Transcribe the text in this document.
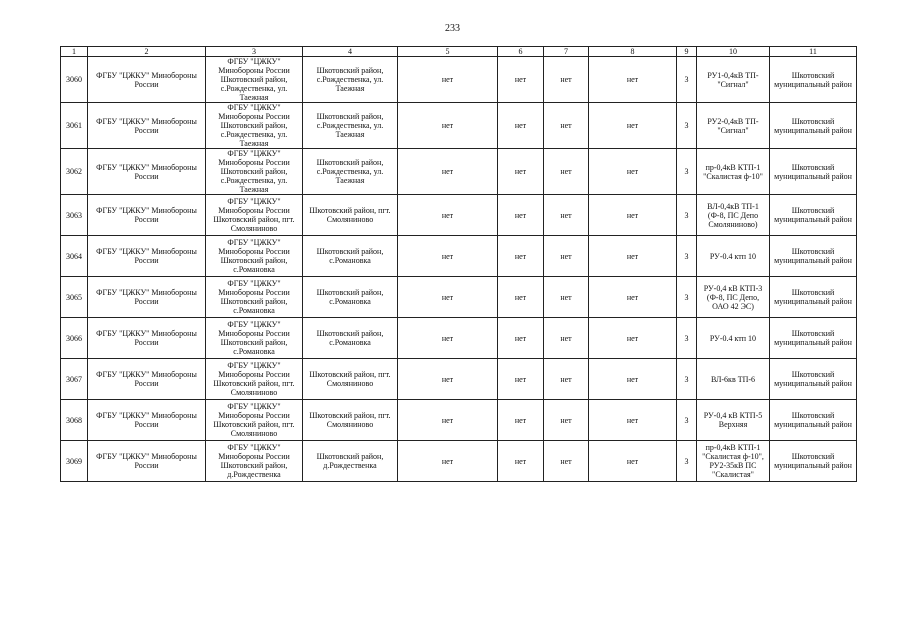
233
1	2	3	4	5	6	7	8	9	10	11

3060	ФГБУ "ЦЖКУ" Минобороны России	ФГБУ "ЦЖКУ" Минобороны России Шкотовский район, с.Рождественка, ул. Таежная	Шкотовский район, с.Рождественка, ул. Таежная	нет	нет	нет	нет	3	РУ1-0,4кВ ТП-"Сигнал"	Шкотовский муниципальный район

3061	ФГБУ "ЦЖКУ" Минобороны России	ФГБУ "ЦЖКУ" Минобороны России Шкотовский район, с.Рождественка, ул. Таежная	Шкотовский район, с.Рождественка, ул. Таежная	нет	нет	нет	нет	3	РУ2-0,4кВ ТП-"Сигнал"	Шкотовский муниципальный район

3062	ФГБУ "ЦЖКУ" Минобороны России	ФГБУ "ЦЖКУ" Минобороны России Шкотовский район, с.Рождественка, ул. Таежная	Шкотовский район, с.Рождественка, ул. Таежная	нет	нет	нет	нет	3	пр-0,4кВ КТП-1 "Скалистая ф-10"	Шкотовский муниципальный район

3063	ФГБУ "ЦЖКУ" Минобороны России	ФГБУ "ЦЖКУ" Минобороны России Шкотовский район, пгт. Смоляниново	Шкотовский район, пгт. Смоляниново	нет	нет	нет	нет	3	ВЛ-0,4кВ ТП-1 (Ф-8, ПС Депо Смоляниново)	Шкотовский муниципальный район

3064	ФГБУ "ЦЖКУ" Минобороны России	ФГБУ "ЦЖКУ" Минобороны России Шкотовский район, с.Романовка	Шкотовский район, с.Романовка	нет	нет	нет	нет	3	РУ-0.4 ктп 10	Шкотовский муниципальный район

3065	ФГБУ "ЦЖКУ" Минобороны России	ФГБУ "ЦЖКУ" Минобороны России Шкотовский район, с.Романовка	Шкотовский район, с.Романовка	нет	нет	нет	нет	3	РУ-0,4 кВ КТП-3 (Ф-8, ПС Депо, ОАО 42 ЭС)	Шкотовский муниципальный район

3066	ФГБУ "ЦЖКУ" Минобороны России	ФГБУ "ЦЖКУ" Минобороны России Шкотовский район, с.Романовка	Шкотовский район, с.Романовка	нет	нет	нет	нет	3	РУ-0.4 ктп 10	Шкотовский муниципальный район

3067	ФГБУ "ЦЖКУ" Минобороны России	ФГБУ "ЦЖКУ" Минобороны России Шкотовский район, пгт. Смоляниново	Шкотовский район, пгт. Смоляниново	нет	нет	нет	нет	3	ВЛ-6кв ТП-6	Шкотовский муниципальный район

3068	ФГБУ "ЦЖКУ" Минобороны России	ФГБУ "ЦЖКУ" Минобороны России Шкотовский район, пгт. Смоляниново	Шкотовский район, пгт. Смоляниново	нет	нет	нет	нет	3	РУ-0,4 кВ КТП-5 Верхняя	Шкотовский муниципальный район

3069	ФГБУ "ЦЖКУ" Минобороны России	ФГБУ "ЦЖКУ" Минобороны России Шкотовский район, д.Рождественка	Шкотовский район, д.Рождественка	нет	нет	нет	нет	3	пр-0,4кВ КТП-1 "Скалистая ф-10", РУ2-35кВ ПС "Скалистая"	Шкотовский муниципальный район
